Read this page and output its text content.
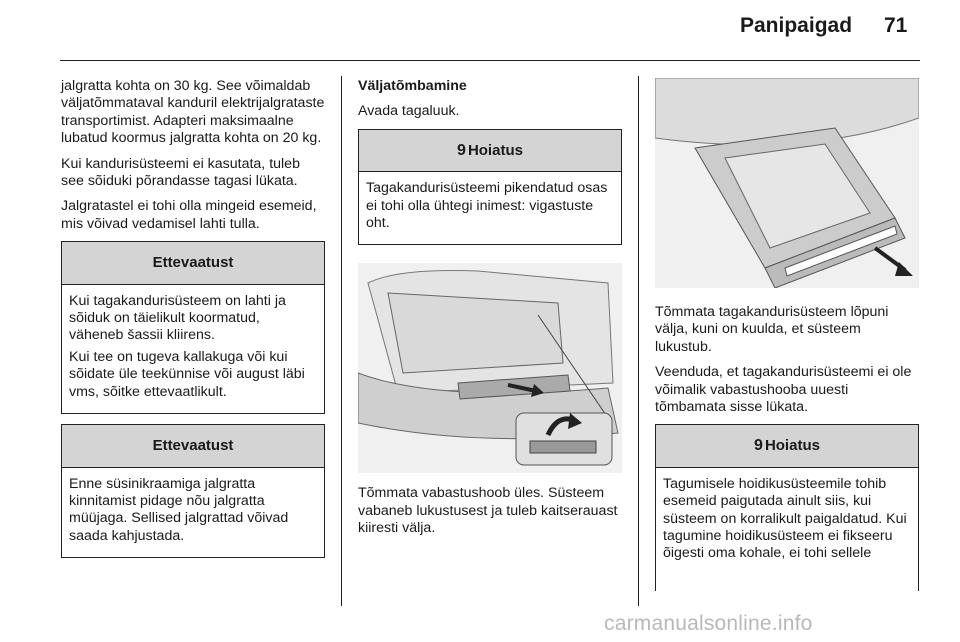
Panipaigad 71

jalgratta kohta on 30 kg. See võimaldab väljatõmmataval kanduril elektrijalgrataste transportimist. Adapteri maksimaalne lubatud koormus jalgratta kohta on 20 kg.

Kui kandurisüsteemi ei kasutata, tuleb see sõiduki põrandasse tagasi lükata.

Jalgratastel ei tohi olla mingeid esemeid, mis võivad vedamisel lahti tulla.

Ettevaatust

Kui tagakandurisüsteem on lahti ja sõiduk on täielikult koormatud, väheneb šassii kliirens.

Kui tee on tugeva kallakuga või kui sõidate üle teekünnise või august läbi vms, sõitke ettevaatlikult.

Ettevaatust

Enne süsinikraamiga jalgratta kinnitamist pidage nõu jalgratta müüjaga. Sellised jalgrattad võivad saada kahjustada.

Väljatõmbamine

Avada tagaluuk.

9 Hoiatus

Tagakandurisüsteemi pikendatud osas ei tohi olla ühtegi inimest: vigastuste oht.

Tõmmata vabastushoob üles. Süsteem vabaneb lukustusest ja tuleb kaitserauast kiiresti välja.

Tõmmata tagakandurisüsteem lõpuni välja, kuni on kuulda, et süsteem lukustub.

Veenduda, et tagakandurisüsteemi ei ole võimalik vabastushooba uuesti tõmbamata sisse lükata.

9 Hoiatus

Tagumisele hoidikusüsteemile tohib esemeid paigutada ainult siis, kui süsteem on korralikult paigaldatud. Kui tagumine hoidikusüsteem ei fikseeru õigesti oma kohale, ei tohi sellele

carmanualsonline.info
